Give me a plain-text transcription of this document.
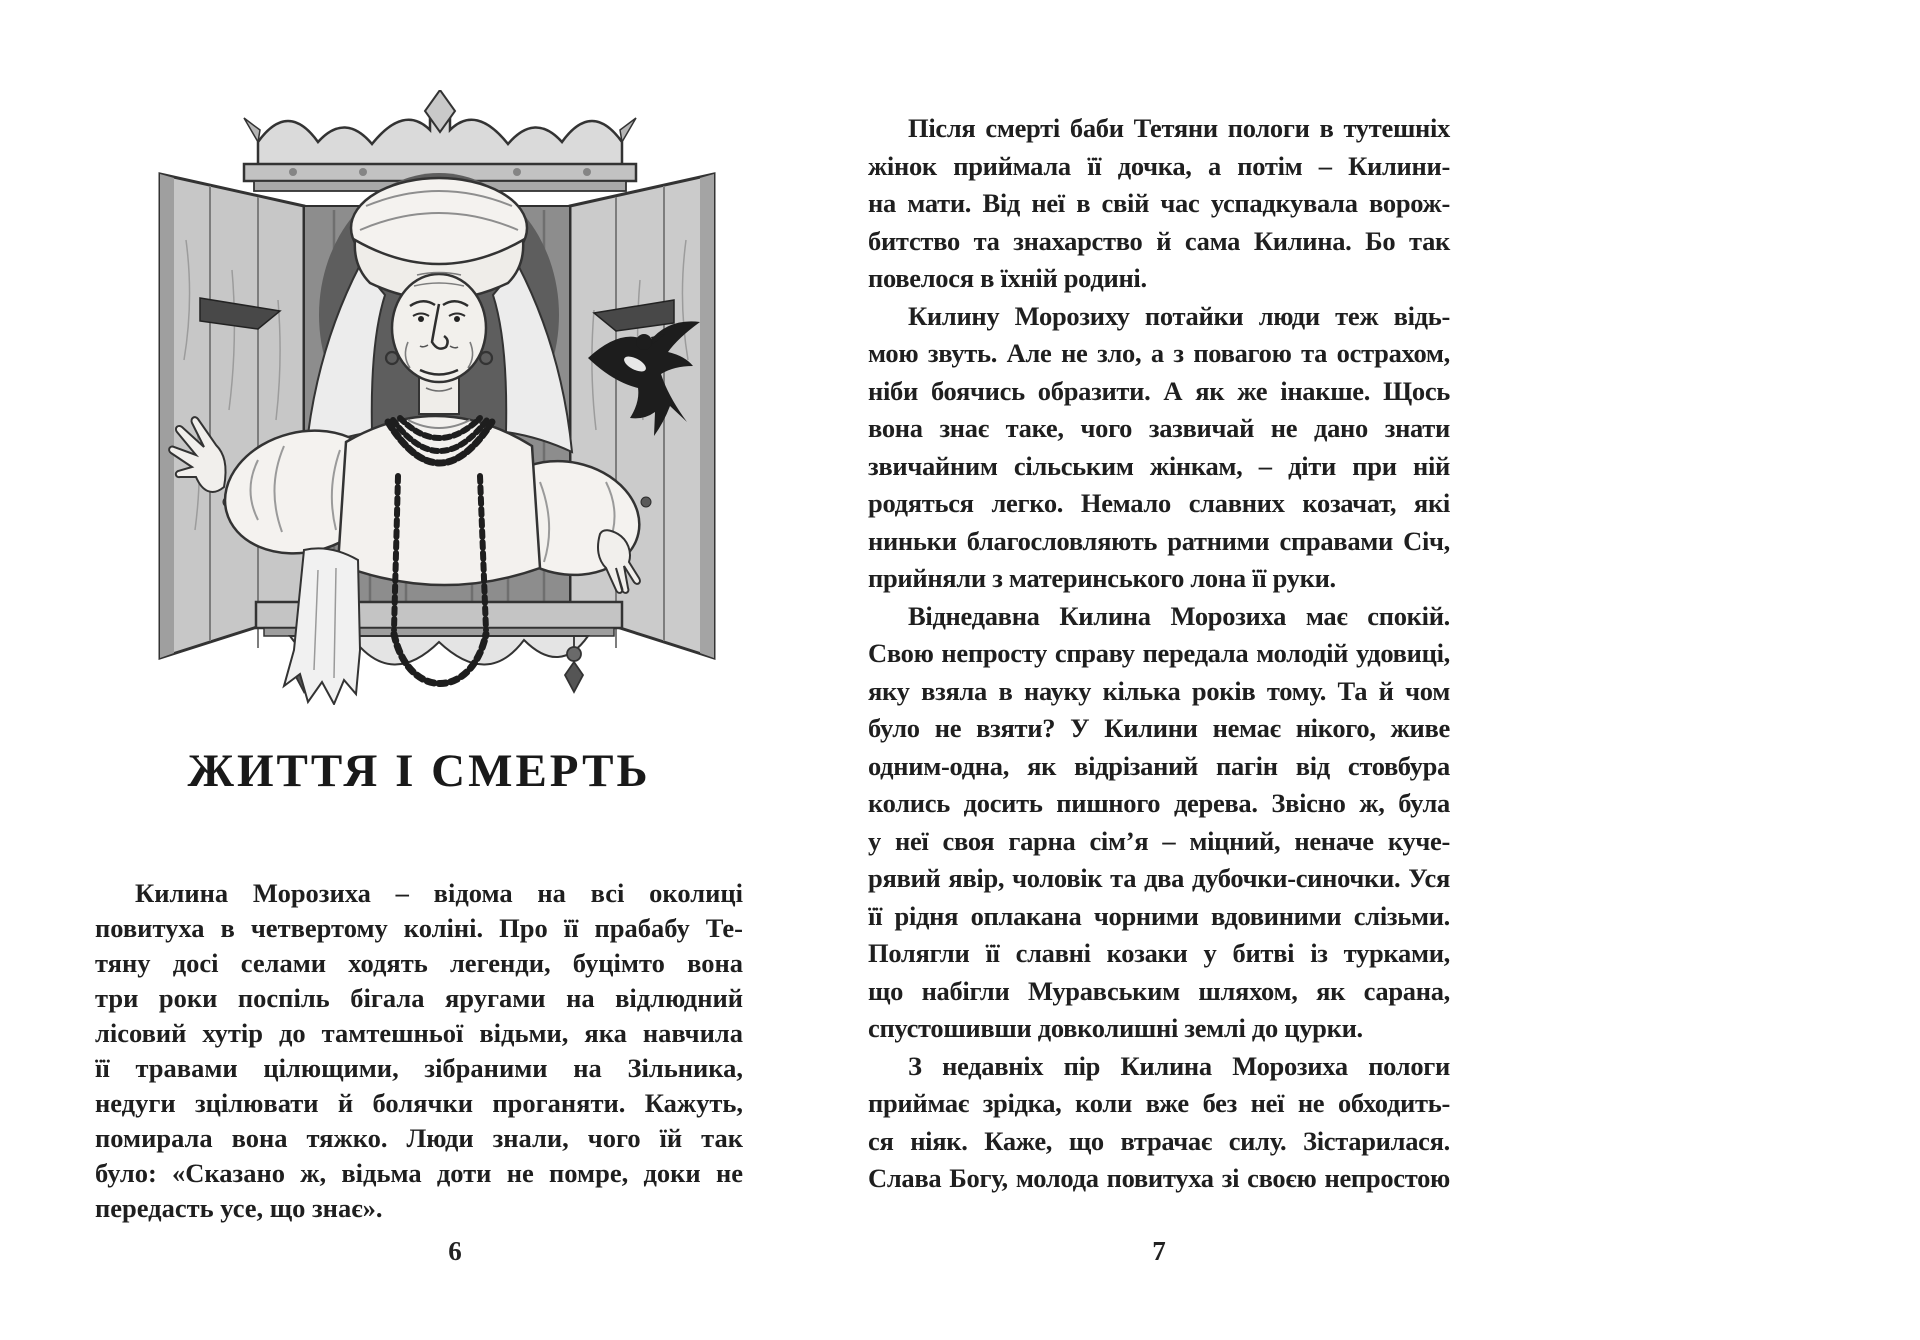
ЖИТТЯ І СМЕРТЬ
Килина Морозиха – відома на всі околиці
повитуха в четвертому коліні. Про її прабабу Те-
тяну досі селами ходять легенди, буцімто вона
три роки поспіль бігала яругами на відлюдний
лісовий хутір до тамтешньої відьми, яка навчила
її травами цілющими, зібраними на Зільника,
недуги зцілювати й болячки проганяти. Кажуть,
помирала вона тяжко. Люди знали, чого їй так
було: «Сказано ж, відьма доти не помре, доки не
передасть усе, що знає».
6
Після смерті баби Тетяни пологи в тутешніх
жінок приймала її дочка, а потім – Килини-
на мати. Від неї в свій час успадкувала ворож-
битство та знахарство й сама Килина. Бо так
повелося в їхній родині.
Килину Морозиху потайки люди теж відь-
мою звуть. Але не зло, а з повагою та острахом,
ніби боячись образити. А як же інакше. Щось
вона знає таке, чого зазвичай не дано знати
звичайним сільським жінкам, – діти при ній
родяться легко. Немало славних козачат, які
ниньки благословляють ратними справами Січ,
прийняли з материнського лона її руки.
Віднедавна Килина Морозиха має спокій.
Свою непросту справу передала молодій удовиці,
яку взяла в науку кілька років тому. Та й чом
було не взяти? У Килини немає нікого, живе
одним-одна, як відрізаний пагін від стовбура
колись досить пишного дерева. Звісно ж, була
у неї своя гарна сім’я – міцний, неначе куче-
рявий явір, чоловік та два дубочки-синочки. Уся
її рідня оплакана чорними вдовиними слізьми.
Полягли її славні козаки у битві із турками,
що набігли Муравським шляхом, як сарана,
спустошивши довколишні землі до цурки.
З недавніх пір Килина Морозиха пологи
приймає зрідка, коли вже без неї не обходить-
ся ніяк. Каже, що втрачає силу. Зістарилася.
Слава Богу, молода повитуха зі своєю непростою
7
